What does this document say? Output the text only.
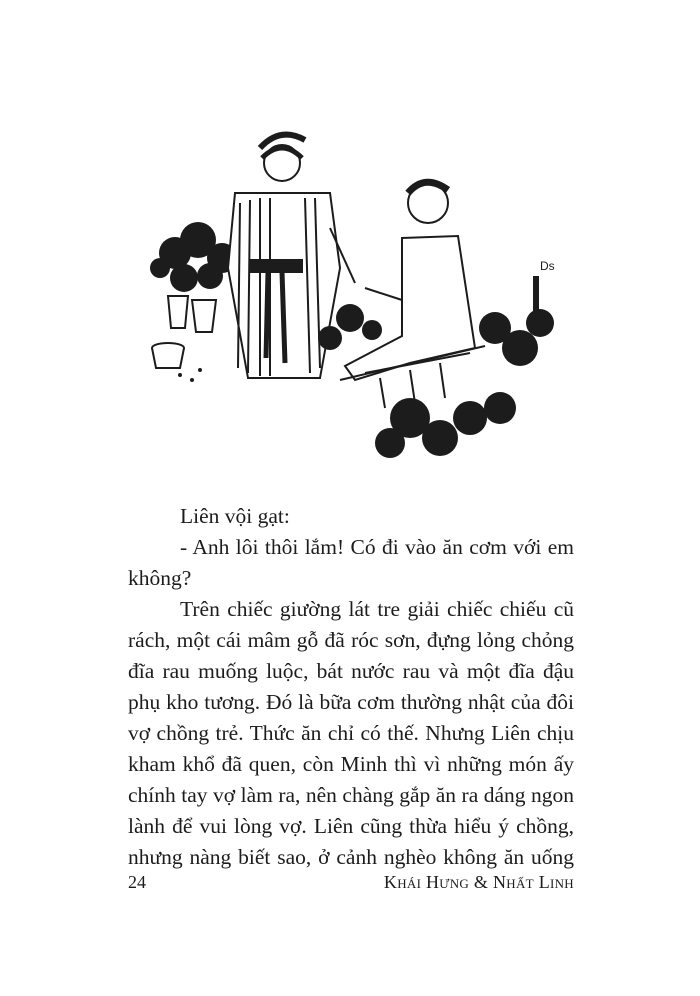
Ds
Liên vội gạt:
- Anh lôi thôi lắm! Có đi vào ăn cơm với em
không?
Trên chiếc giường lát tre giải chiếc chiếu cũ
rách, một cái mâm gỗ đã róc sơn, đựng lỏng chỏng
đĩa rau muống luộc, bát nước rau và một đĩa đậu
phụ kho tương. Đó là bữa cơm thường nhật của đôi
vợ chồng trẻ. Thức ăn chỉ có thế. Nhưng Liên chịu
kham khổ đã quen, còn Minh thì vì những món ấy
chính tay vợ làm ra, nên chàng gắp ăn ra dáng ngon
lành để vui lòng vợ. Liên cũng thừa hiểu ý chồng,
nhưng nàng biết sao, ở cảnh nghèo không ăn uống
24	Khái Hưng & Nhất Linh
